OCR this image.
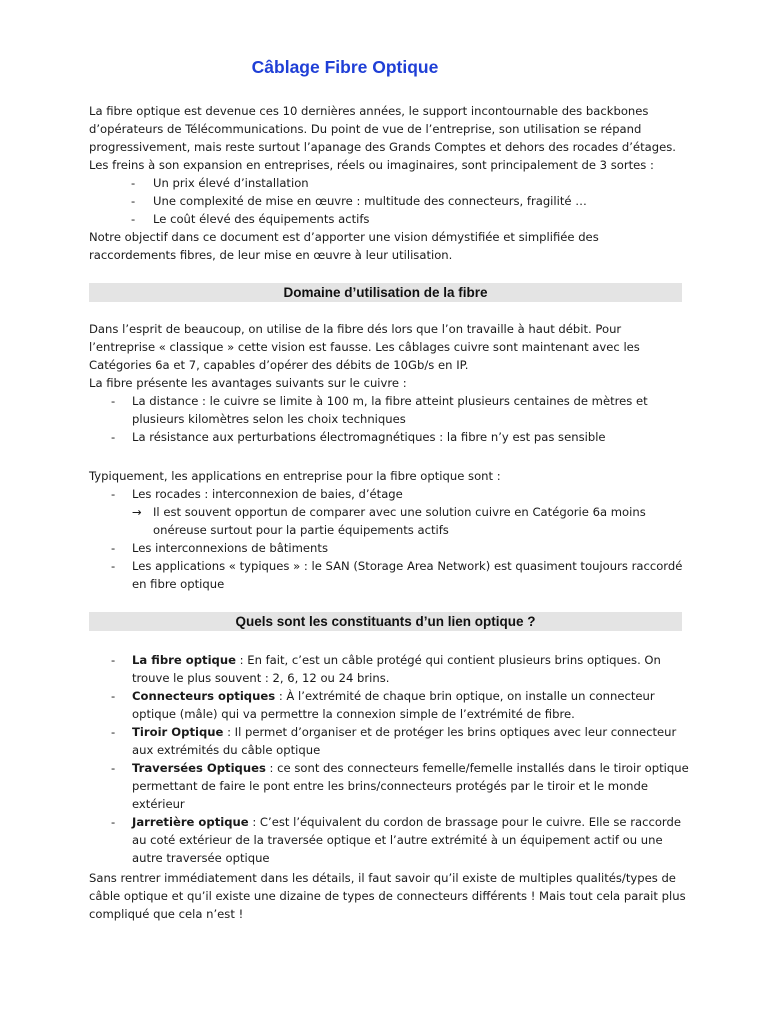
Câblage Fibre Optique

La fibre optique est devenue ces 10 dernières années, le support incontournable des backbones d’opérateurs de Télécommunications. Du point de vue de l’entreprise, son utilisation se répand progressivement, mais reste surtout l’apanage des Grands Comptes et dehors des rocades d’étages.

Les freins à son expansion en entreprises, réels ou imaginaires, sont principalement de 3 sortes :

- Un prix élevé d’installation
- Une complexité de mise en œuvre : multitude des connecteurs, fragilité …
- Le coût élevé des équipements actifs

Notre objectif dans ce document est d’apporter une vision démystifiée et simplifiée des raccordements fibres, de leur mise en œuvre à leur utilisation.

Domaine d’utilisation de la fibre

Dans l’esprit de beaucoup, on utilise de la fibre dés lors que l’on travaille à haut débit. Pour l’entreprise « classique » cette vision est fausse. Les câblages cuivre sont maintenant avec les Catégories 6a et 7, capables d’opérer des débits de 10Gb/s en IP.

La fibre présente les avantages suivants sur le cuivre :

- La distance : le cuivre se limite à 100 m, la fibre atteint plusieurs centaines de mètres et plusieurs kilomètres selon les choix techniques
- La résistance aux perturbations électromagnétiques : la fibre n’y est pas sensible

Typiquement, les applications en entreprise pour la fibre optique sont :

- Les rocades : interconnexion de baies, d’étage
→ Il est souvent opportun de comparer avec une solution cuivre en Catégorie 6a moins onéreuse surtout pour la partie équipements actifs
- Les interconnexions de bâtiments
- Les applications « typiques » : le SAN (Storage Area Network) est quasiment toujours raccordé en fibre optique
Quels sont les constituants d’un lien optique ?
- La fibre optique : En fait, c’est un câble protégé qui contient plusieurs brins optiques. On trouve le plus souvent : 2, 6, 12 ou 24 brins.
- Connecteurs optiques : À l’extrémité de chaque brin optique, on installe un connecteur optique (mâle) qui va permettre la connexion simple de l’extrémité de fibre.
- Tiroir Optique : Il permet d’organiser et de protéger les brins optiques avec leur connecteur aux extrémités du câble optique
- Traversées Optiques : ce sont des connecteurs femelle/femelle installés dans le tiroir optique permettant de faire le pont entre les brins/connecteurs protégés par le tiroir et le monde extérieur
- Jarretière optique : C’est l’équivalent du cordon de brassage pour le cuivre. Elle se raccorde au coté extérieur de la traversée optique et l’autre extrémité à un équipement actif ou une autre traversée optique

Sans rentrer immédiatement dans les détails, il faut savoir qu’il existe de multiples qualités/types de câble optique et qu’il existe une dizaine de types de connecteurs différents ! Mais tout cela parait plus compliqué que cela n’est !
